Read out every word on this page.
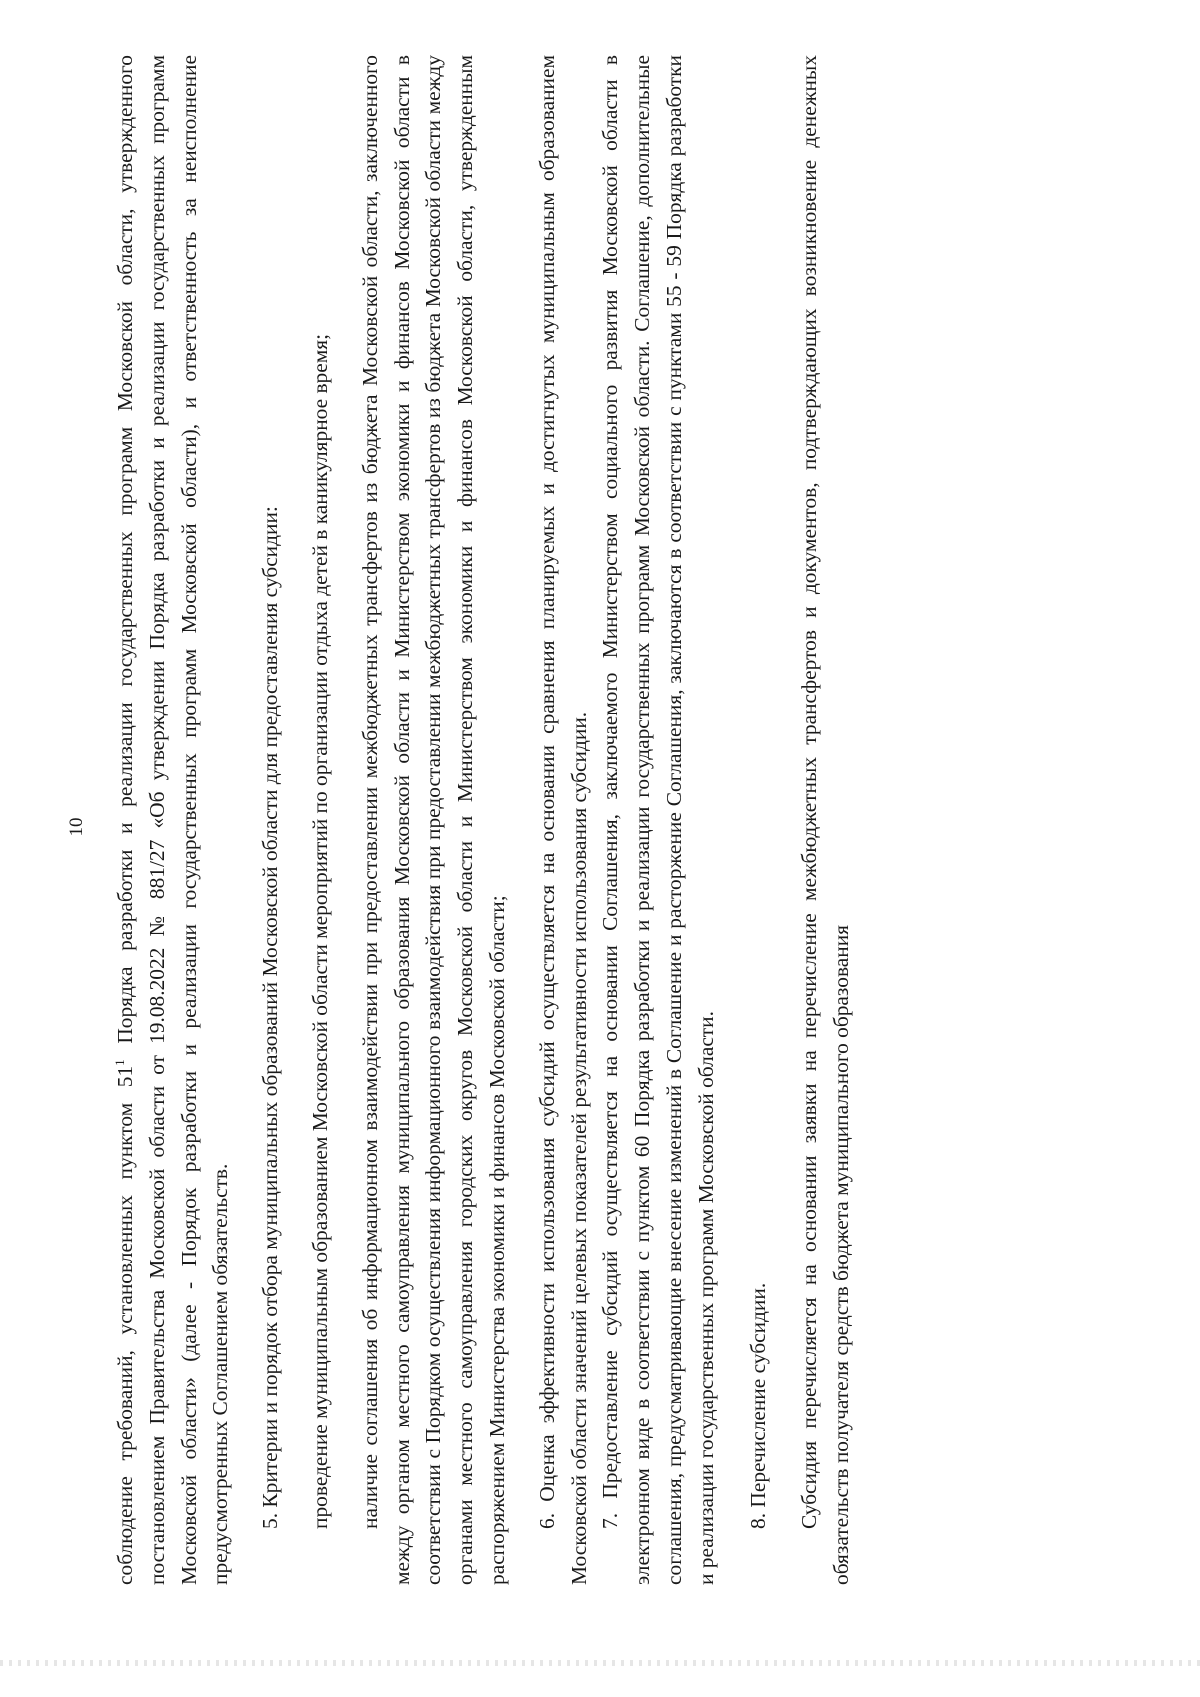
10

соблюдение требований, установленных пунктом $51^1$ Порядка разработки и реализации государственных программ Московской области, утвержденного постановлением Правительства Московской области от 19.08.2022 № 881/27 «Об утверждении Порядка разработки и реализации государственных программ Московской области» (далее - Порядок разработки и реализации государственных программ Московской области), и ответственность за неисполнение предусмотренных Соглашением обязательств. 5. Критерии и порядок отбора муниципальных образований Московской области для предоставления субсидии: проведение муниципальным образованием Московской области мероприятий по организации отдыха детей в каникулярное время; наличие соглашения об информационном взаимодействии при предоставлении межбюджетных трансфертов из бюджета Московской области, заключенного между органом местного самоуправления муниципального образования Московской области и Министерством экономики и финансов Московской области в соответствии с Порядком осуществления информационного взаимодействия при предоставлении межбюджетных трансфертов из бюджета Московской области между органами местного самоуправления городских округов Московской области и Министерством экономики и финансов Московской области, утвержденным распоряжением Министерства экономики и финансов Московской области; 6. Оценка эффективности использования субсидий осуществляется на основании сравнения планируемых и достигнутых муниципальным образованием Московской области значений целевых показателей результативности использования субсидии. 7. Предоставление субсидий осуществляется на основании Соглашения, заключаемого Министерством социального развития Московской области в электронном виде в соответствии с пунктом 60 Порядка разработки и реализации государственных программ Московской области. Соглашение, дополнительные соглашения, предусматривающие внесение изменений в Соглашение и расторжение Соглашения, заключаются в соответствии с пунктами 55 - 59 Порядка разработки и реализации государственных программ Московской области. 8. Перечисление субсидии. Субсидия перечисляется на основании заявки на перечисление межбюджетных трансфертов и документов, подтверждающих возникновение денежных обязательств получателя средств бюджета муниципального образования
